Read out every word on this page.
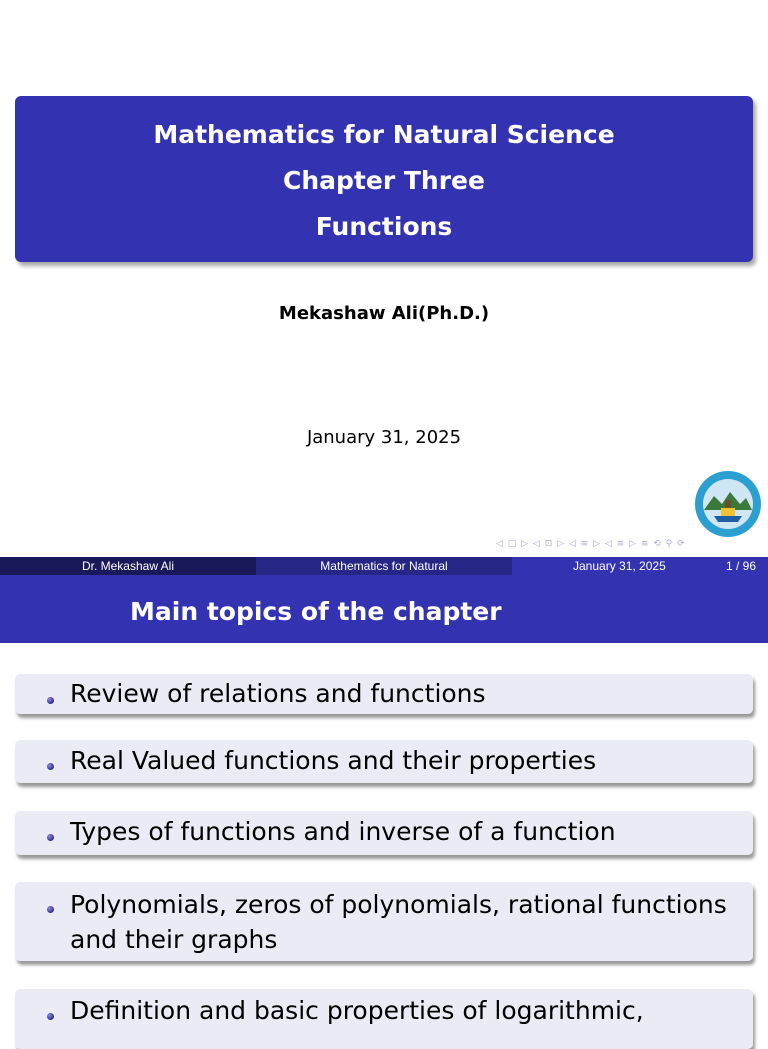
Mathematics for Natural Science
Chapter Three
Functions
Mekashaw Ali(Ph.D.)
January 31, 2025
◁ □ ▷ ◁ ⊡ ▷ ◁ ≡ ▷ ◁ ≡ ▷ ≡ ⟲ ⚲ ⟳
Dr. Mekashaw Ali	Mathematics for Natural	January 31, 2025	1 / 96
Main topics of the chapter
Review of relations and functions
Real Valued functions and their properties
Types of functions and inverse of a function
Polynomials, zeros of polynomials, rational functions
and their graphs
Definition and basic properties of logarithmic,
